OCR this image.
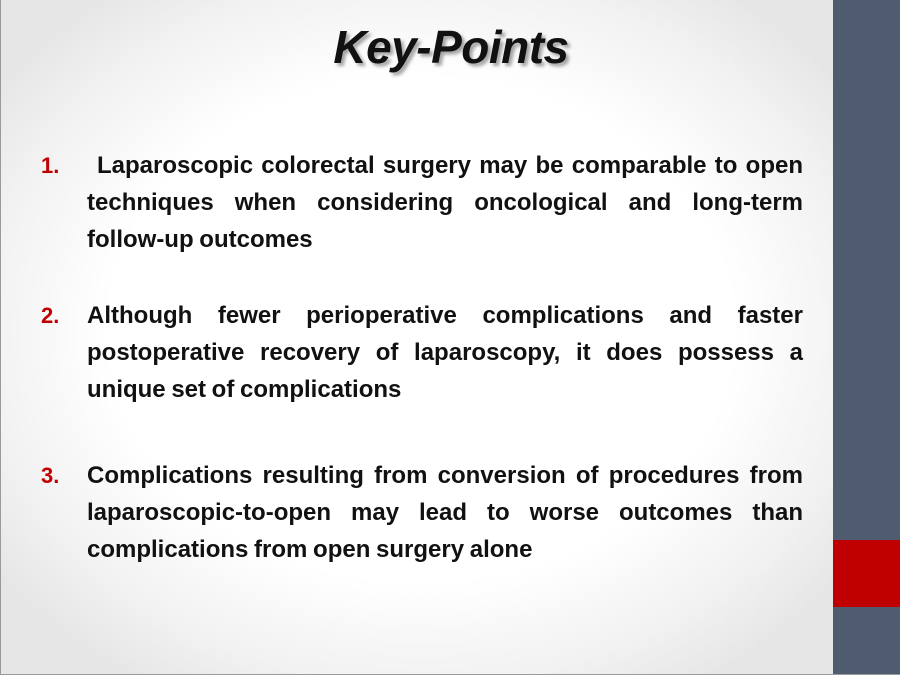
Key-Points
1.	Laparoscopic colorectal surgery may be comparable to open techniques when considering oncological and long-term follow-up outcomes
2.	Although fewer perioperative complications and faster postoperative recovery of laparoscopy, it does possess a unique set of complications
3.	Complications resulting from conversion of procedures from laparoscopic-to-open may lead to worse outcomes than complications from open surgery alone
